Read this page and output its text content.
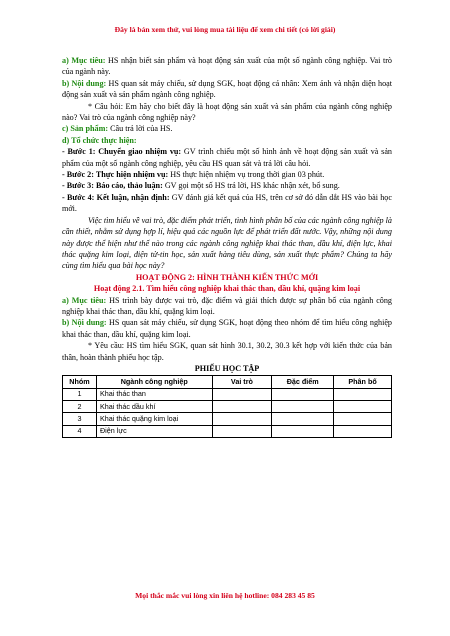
Đây là bản xem thử, vui lòng mua tài liệu để xem chi tiết (có lời giải)

a) Mục tiêu: HS nhận biết sản phẩm và hoạt động sản xuất của một số ngành công nghiệp. Vai trò của ngành này.

b) Nội dung: HS quan sát máy chiếu, sử dụng SGK, hoạt động cá nhân: Xem ảnh và nhận diện hoạt động sản xuất và sản phẩm ngành công nghiệp.

* Câu hỏi: Em hãy cho biết đây là hoạt động sản xuất và sản phẩm của ngành công nghiệp nào? Vai trò của ngành công nghiệp này?

c) Sản phẩm: Câu trả lời của HS.

d) Tổ chức thực hiện:

- Bước 1: Chuyển giao nhiệm vụ: GV trình chiếu một số hình ảnh về hoạt động sản xuất và sản phẩm của một số ngành công nghiệp, yêu cầu HS quan sát và trả lời câu hỏi.

- Bước 2: Thực hiện nhiệm vụ: HS thực hiện nhiệm vụ trong thời gian 03 phút.

- Bước 3: Báo cáo, thảo luận: GV gọi một số HS trả lời, HS khác nhận xét, bổ sung.

- Bước 4: Kết luận, nhận định: GV đánh giá kết quả của HS, trên cơ sở đó dẫn dắt HS vào bài học mới.

Việc tìm hiểu về vai trò, đặc điểm phát triển, tình hình phân bố của các ngành công nghiệp là cần thiết, nhằm sử dụng hợp lí, hiệu quả các nguồn lực để phát triển đất nước. Vậy, những nội dung này được thể hiện như thế nào trong các ngành công nghiệp khai thác than, dầu khí, điện lực, khai thác quặng kim loại, điện tử-tin học, sản xuất hàng tiêu dùng, sản xuất thực phẩm? Chúng ta hãy cùng tìm hiểu qua bài học này?

HOẠT ĐỘNG 2: HÌNH THÀNH KIẾN THỨC MỚI

Hoạt động 2.1. Tìm hiểu công nghiệp khai thác than, dầu khí, quặng kim loại

a) Mục tiêu: HS trình bày được vai trò, đặc điểm và giải thích được sự phân bố của ngành công nghiệp khai thác than, dầu khí, quặng kim loại.

b) Nội dung: HS quan sát máy chiếu, sử dụng SGK, hoạt động theo nhóm để tìm hiểu công nghiệp khai thác than, dầu khí, quặng kim loại.

* Yêu cầu: HS tìm hiểu SGK, quan sát hình 30.1, 30.2, 30.3 kết hợp với kiến thức của bản thân, hoàn thành phiếu học tập.

PHIẾU HỌC TẬP

Nhóm	Ngành công nghiệp	Vai trò	Đặc điểm	Phân bố
1	Khai thác than			
2	Khai thác dầu khí			
3	Khai thác quặng kim loại			
4	Điện lực			
Mọi thắc mắc vui lòng xin liên hệ hotline: 084 283 45 85
